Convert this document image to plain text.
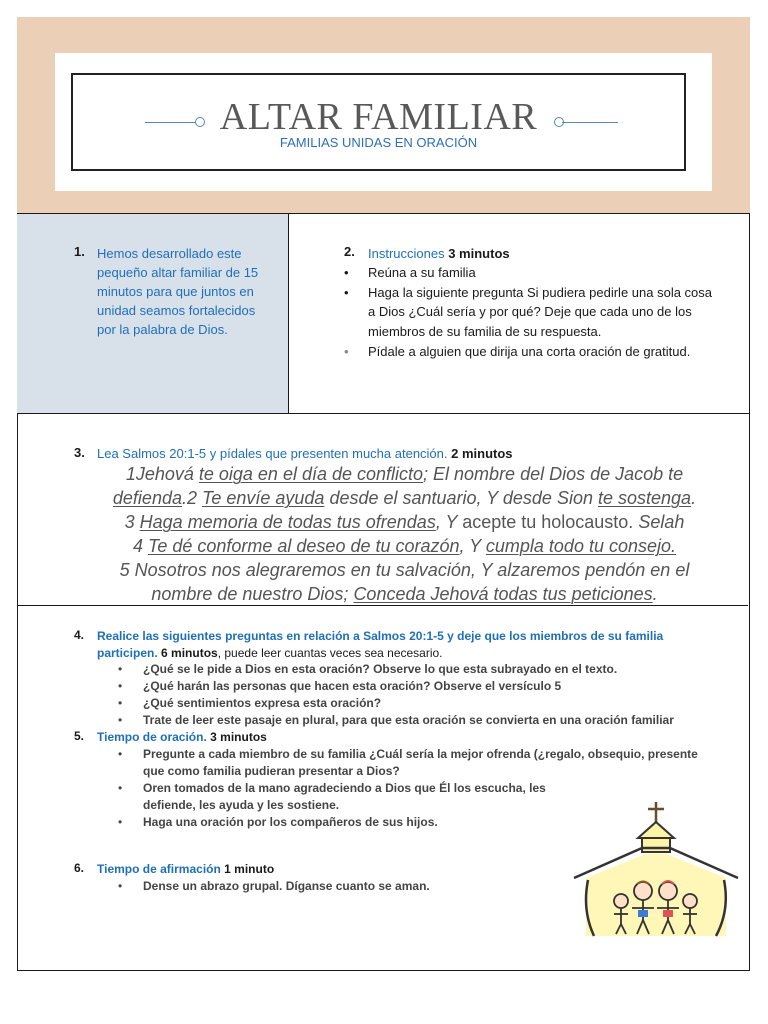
ALTAR FAMILIAR
FAMILIAS UNIDAS EN ORACIÓN
1. Hemos desarrollado este pequeño altar familiar de 15 minutos para que juntos en unidad seamos fortalecidos por la palabra de Dios.
2. Instrucciones 3 minutos
• Reúna a su familia
• Haga la siguiente pregunta Si pudiera pedirle una sola cosa a Dios ¿Cuál sería y por qué? Deje que cada uno de los miembros de su familia de su respuesta.
• Pídale a alguien que dirija una corta oración de gratitud.
3. Lea Salmos 20:1-5 y pídales que presenten mucha atención. 2 minutos
1Jehová te oiga en el día de conflicto; El nombre del Dios de Jacob te defienda.2 Te envíe ayuda desde el santuario, Y desde Sion te sostenga.
3 Haga memoria de todas tus ofrendas, Y acepte tu holocausto. Selah
4 Te dé conforme al deseo de tu corazón, Y cumpla todo tu consejo.
5 Nosotros nos alegraremos en tu salvación, Y alzaremos pendón en el nombre de nuestro Dios; Conceda Jehová todas tus peticiones.
4. Realice las siguientes preguntas en relación a Salmos 20:1-5 y deje que los miembros de su familia participen. 6 minutos, puede leer cuantas veces sea necesario.
• ¿Qué se le pide a Dios en esta oración? Observe lo que esta subrayado en el texto.
• ¿Qué harán las personas que hacen esta oración? Observe el versículo 5
• ¿Qué sentimientos expresa esta oración?
• Trate de leer este pasaje en plural, para que esta oración se convierta en una oración familiar
5. Tiempo de oración. 3 minutos
• Pregunte a cada miembro de su familia ¿Cuál sería la mejor ofrenda (¿regalo, obsequio, presente que como familia pudieran presentar a Dios?
• Oren tomados de la mano agradeciendo a Dios que Él los escucha, les defiende, les ayuda y les sostiene.
• Haga una oración por los compañeros de sus hijos.
6. Tiempo de afirmación 1 minuto
• Dense un abrazo grupal. Díganse cuanto se aman.
